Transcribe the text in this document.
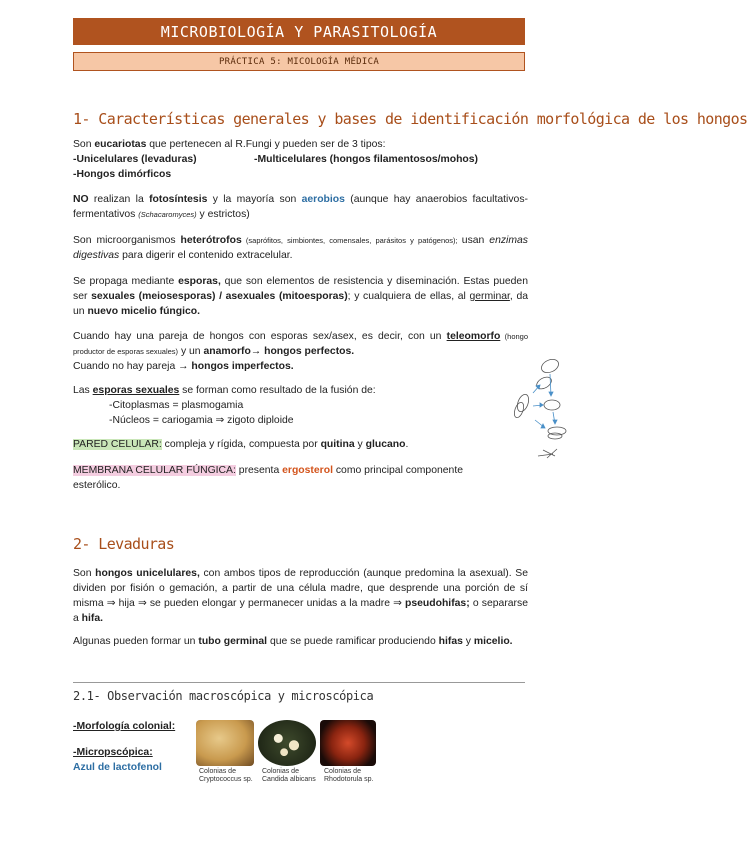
MICROBIOLOGÍA Y PARASITOLOGÍA
PRÁCTICA 5: MICOLOGÍA MÉDICA
1- Características generales y bases de identificación morfológica de los hongos
Son eucariotas que pertenecen al R.Fungi y pueden ser de 3 tipos:
-Unicelulares (levaduras)	-Multicelulares (hongos filamentosos/mohos)
-Hongos dimórficos
NO realizan la fotosíntesis y la mayoría son aerobios (aunque hay anaerobios facultativos-fermentativos (Schacaromyces) y estrictos)
Son microorganismos heterótrofos (saprófitos, simbiontes, comensales, parásitos y patógenos); usan enzimas digestivas para digerir el contenido extracelular.
Se propaga mediante esporas, que son elementos de resistencia y diseminación. Estas pueden ser sexuales (meiosesporas) / asexuales (mitoesporas); y cualquiera de ellas, al germinar, da un nuevo micelio fúngico.
Cuando hay una pareja de hongos con esporas sex/asex, es decir, con un teleomorfo (hongo productor de esporas sexuales) y un anamorfo→ hongos perfectos.
Cuando no hay pareja → hongos imperfectos.
Las esporas sexuales se forman como resultado de la fusión de:
-Citoplasmas = plasmogamia
-Núcleos = cariogamia ⇒ zigoto diploide
PARED CELULAR: compleja y rígida, compuesta por quitina y glucano.
MEMBRANA CELULAR FÚNGICA: presenta ergosterol como principal componente esterólico.
2- Levaduras
Son hongos unicelulares, con ambos tipos de reproducción (aunque predomina la asexual). Se dividen por fisión o gemación, a partir de una célula madre, que desprende una porción de sí misma ⇒ hija ⇒ se pueden elongar y permanecer unidas a la madre ⇒ pseudohifas; o separarse a hifa.
Algunas pueden formar un tubo germinal que se puede ramificar produciendo hifas y micelio.
2.1- Observación macroscópica y microscópica
-Morfología colonial:
-Micropscópica:
Azul de lactofenol	Colonias de Cryptococcus sp.
Colonias de Candida albicans
Colonias de Rhodotorula sp.
